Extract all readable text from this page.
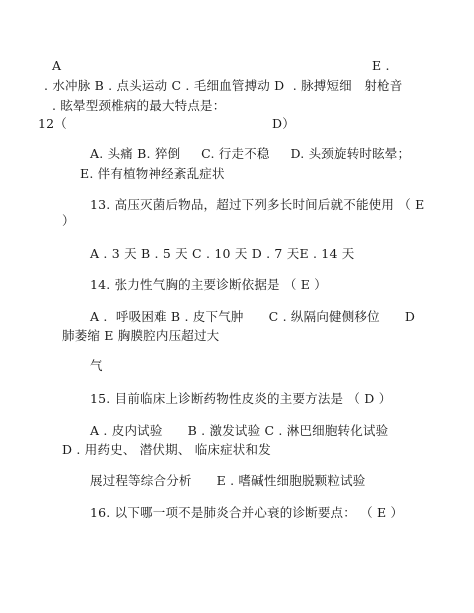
A	E .
. 水冲脉 B . 点头运动 C . 毛细血管搏动 D  . 脉搏短细   射枪音
. 眩晕型颈椎病的最大特点是：
12（	D）
A. 头痛 B. 猝倒     C. 行走不稳     D. 头颈旋转时眩晕；
E. 伴有植物神经紊乱症状
13. 高压灭菌后物品，超过下列多长时间后就不能使用 （ E
）
A . 3 天 B . 5 天 C . 10 天 D . 7 天E . 14 天
14. 张力性气胸的主要诊断依据是 （ E ）
A .  呼吸困难 B . 皮下气肿      C . 纵隔向健侧移位      D
肺萎缩 E 胸膜腔内压超过大
气
15. 目前临床上诊断药物性皮炎的主要方法是 （ D ）
A . 皮内试验      B . 激发试验 C . 淋巴细胞转化试验
D . 用药史、 潜伏期、 临床症状和发
展过程等综合分析      E . 嗜碱性细胞脱颗粒试验
16. 以下哪一项不是肺炎合并心衰的诊断要点： （ E ）
